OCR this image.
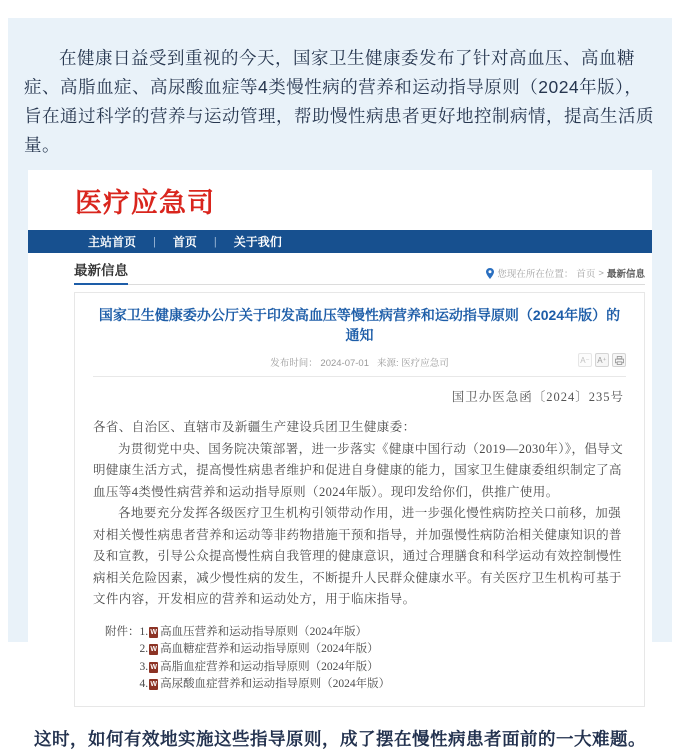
在健康日益受到重视的今天，国家卫生健康委发布了针对高血压、高血糖症、高脂血症、高尿酸血症等4类慢性病的营养和运动指导原则（2024年版），旨在通过科学的营养与运动管理，帮助慢性病患者更好地控制病情，提高生活质量。

医疗应急司
主站首页 | 首页 | 关于我们
最新信息	您现在所在位置： 首页 > 最新信息
国家卫生健康委办公厅关于印发高血压等慢性病营养和运动指导原则（2024年版）的通知
发布时间： 2024-07-01 来源: 医疗应急司	A⁻ A⁺
国卫办医急函〔2024〕235号

各省、自治区、直辖市及新疆生产建设兵团卫生健康委：

为贯彻党中央、国务院决策部署，进一步落实《健康中国行动（2019—2030年）》，倡导文明健康生活方式，提高慢性病患者维护和促进自身健康的能力，国家卫生健康委组织制定了高血压等4类慢性病营养和运动指导原则（2024年版）。现印发给你们，供推广使用。

各地要充分发挥各级医疗卫生机构引领带动作用，进一步强化慢性病防控关口前移，加强对相关慢性病患者营养和运动等非药物措施干预和指导，并加强慢性病防治相关健康知识的普及和宣教，引导公众提高慢性病自我管理的健康意识，通过合理膳食和科学运动有效控制慢性病相关危险因素，减少慢性病的发生，不断提升人民群众健康水平。有关医疗卫生机构可基于文件内容，开发相应的营养和运动处方，用于临床指导。

附件： 1. W 高血压营养和运动指导原则（2024年版）
2. W 高血糖症营养和运动指导原则（2024年版）
3. W 高脂血症营养和运动指导原则（2024年版）
4. W 高尿酸血症营养和运动指导原则（2024年版）

这时，如何有效地实施这些指导原则，成了摆在慢性病患者面前的一大难题。
